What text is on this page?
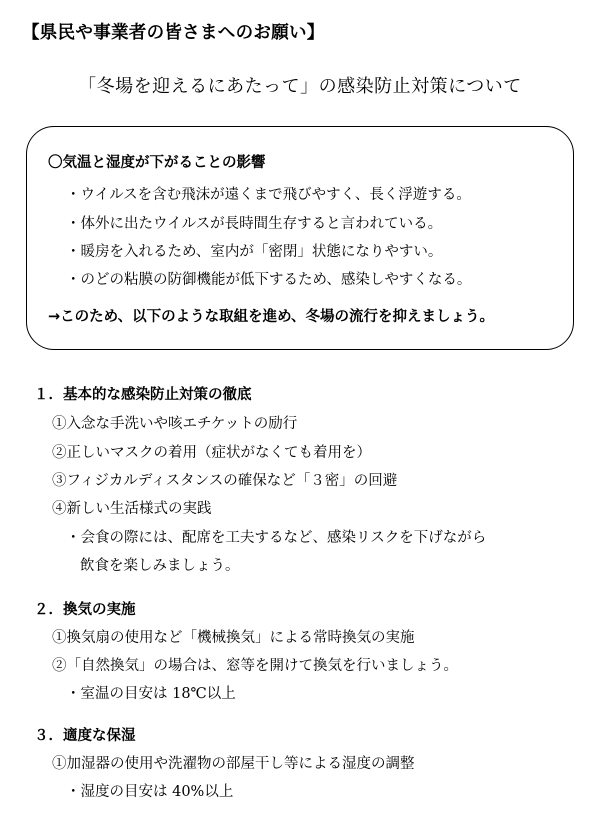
【県民や事業者の皆さまへのお願い】
「冬場を迎えるにあたって」の感染防止対策について
〇気温と湿度が下がることの影響
・ウイルスを含む飛沫が遠くまで飛びやすく、長く浮遊する。
・体外に出たウイルスが長時間生存すると言われている。
・暖房を入れるため、室内が「密閉」状態になりやすい。
・のどの粘膜の防御機能が低下するため、感染しやすくなる。
→このため、以下のような取組を進め、冬場の流行を抑えましょう。
１．基本的な感染防止対策の徹底
①入念な手洗いや咳エチケットの励行
②正しいマスクの着用（症状がなくても着用を）
③フィジカルディスタンスの確保など「３密」の回避
④新しい生活様式の実践
・会食の際には、配席を工夫するなど、感染リスクを下げながら
飲食を楽しみましょう。
２．換気の実施
①換気扇の使用など「機械換気」による常時換気の実施
②「自然換気」の場合は、窓等を開けて換気を行いましょう。
・室温の目安は 18℃以上
３．適度な保湿
①加湿器の使用や洗濯物の部屋干し等による湿度の調整
・湿度の目安は 40%以上
